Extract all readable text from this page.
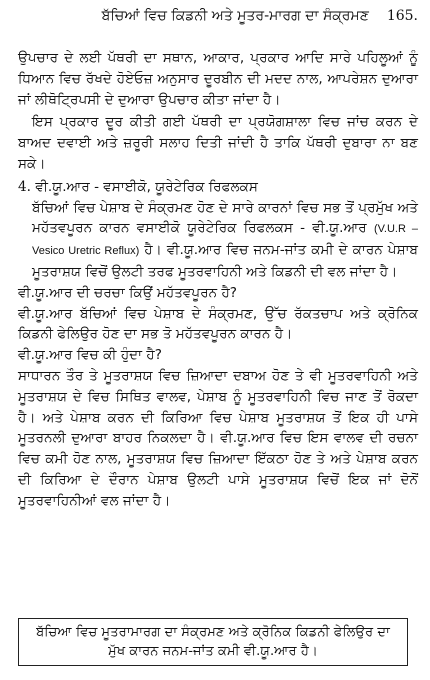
ਬੱਚਿਆਂ ਵਿਚ ਕਿਡਨੀ ਅਤੇ ਮੂਤਰ-ਮਾਰਗ ਦਾ ਸੰਕ੍ਰਮਣ 165.

ਉਪਚਾਰ ਦੇ ਲਈ ਪੱਥਰੀ ਦਾ ਸਥਾਨ, ਆਕਾਰ, ਪ੍ਰਕਾਰ ਆਦਿ ਸਾਰੇ ਪਹਿਲੂਆਂ ਨੂੰ ਧਿਆਨ ਵਿਚ ਰੱਖਦੇ ਹੋਏਓਜ਼ ਅਨੁਸਾਰ ਦੂਰਬੀਨ ਦੀ ਮਦਦ ਨਾਲ, ਆਪਰੇਸ਼ਨ ਦੁਆਰਾ ਜਾਂ ਲੀਥੋਟ੍ਰਿਪਸੀ ਦੇ ਦੁਆਰਾ ਉਪਚਾਰ ਕੀਤਾ ਜਾਂਦਾ ਹੈ।

ਇਸ ਪ੍ਰਕਾਰ ਦੂਰ ਕੀਤੀ ਗਈ ਪੱਥਰੀ ਦਾ ਪ੍ਰਯੋਗਸ਼ਾਲਾ ਵਿਚ ਜਾਂਚ ਕਰਨ ਦੇ ਬਾਅਦ ਦਵਾਈ ਅਤੇ ਜ਼ਰੂਰੀ ਸਲਾਹ ਦਿਤੀ ਜਾਂਦੀ ਹੈ ਤਾਕਿ ਪੱਥਰੀ ਦੁਬਾਰਾ ਨਾ ਬਣ ਸਕੇ।

4. ਵੀ.ਯੂ.ਆਰ - ਵਸਾਈਕੋ, ਯੂਰੇਟੇਰਿਕ ਰਿਫਲਕਸ

ਬੱਚਿਆਂ ਵਿਚ ਪੇਸ਼ਾਬ ਦੇ ਸੰਕ੍ਰਮਣ ਹੋਣ ਦੇ ਸਾਰੇ ਕਾਰਨਾਂ ਵਿਚ ਸਭ ਤੋਂ ਪ੍ਰਮੁੱਖ ਅਤੇ ਮਹੱਤਵਪੂਰਨ ਕਾਰਨ ਵਸਾਈਕੋ ਯੂਰੇਟੇਰਿਕ ਰਿਫਲਕਸ - ਵੀ.ਯੂ.ਆਰ (V.U.R – Vesico Uretric Reflux) ਹੈ। ਵੀ.ਯੂ.ਆਰ ਵਿਚ ਜਨਮ-ਜਾਂਤ ਕਮੀ ਦੇ ਕਾਰਨ ਪੇਸ਼ਾਬ ਮੂਤਰਾਸ਼ਯ ਵਿਚੋਂ ਉਲਟੀ ਤਰਫ ਮੂਤਰਵਾਹਿਨੀ ਅਤੇ ਕਿਡਨੀ ਦੀ ਵਲ ਜਾਂਦਾ ਹੈ।

ਵੀ.ਯੂ.ਆਰ ਦੀ ਚਰਚਾ ਕਿਉਂ ਮਹੱਤਵਪੂਰਨ ਹੈ?

ਵੀ.ਯੂ.ਆਰ ਬੱਚਿਆਂ ਵਿਚ ਪੇਸ਼ਾਬ ਦੇ ਸੰਕ੍ਰਮਣ, ਉੱਚ ਰੱਕਤਚਾਪ ਅਤੇ ਕ੍ਰੋਨਿਕ ਕਿਡਨੀ ਫੇਲਿਉਰ ਹੋਣ ਦਾ ਸਭ ਤੋ ਮਹੱਤਵਪੂਰਨ ਕਾਰਨ ਹੈ।

ਵੀ.ਯੂ.ਆਰ ਵਿਚ ਕੀ ਹੁੰਦਾ ਹੈ?

ਸਾਧਾਰਨ ਤੌਰ ਤੇ ਮੂਤਰਾਸ਼ਯ ਵਿਚ ਜ਼ਿਆਦਾ ਦਬਾਅ ਹੋਣ ਤੇ ਵੀ ਮੂਤਰਵਾਹਿਨੀ ਅਤੇ ਮੂਤਰਾਸ਼ਯ ਦੇ ਵਿਚ ਸਿਥਿਤ ਵਾਲਵ, ਪੇਸ਼ਾਬ ਨੂੰ ਮੂਤਰਵਾਹਿਨੀ ਵਿਚ ਜਾਣ ਤੋਂ ਰੋਕਦਾ ਹੈ। ਅਤੇ ਪੇਸ਼ਾਬ ਕਰਨ ਦੀ ਕਿਰਿਆ ਵਿਚ ਪੇਸ਼ਾਬ ਮੂਤਰਾਸ਼ਯ ਤੋਂ ਇਕ ਹੀ ਪਾਸੇ ਮੂਤਰਨਲੀ ਦੁਆਰਾ ਬਾਹਰ ਨਿਕਲਦਾ ਹੈ। ਵੀ.ਯੂ.ਆਰ ਵਿਚ ਇਸ ਵਾਲਵ ਦੀ ਰਚਨਾ ਵਿਚ ਕਮੀ ਹੋਣ ਨਾਲ, ਮੂਤਰਾਸ਼ਯ ਵਿਚ ਜ਼ਿਆਦਾ ਇੱਕਠਾ ਹੋਣ ਤੇ ਅਤੇ ਪੇਸ਼ਾਬ ਕਰਨ ਦੀ ਕਿਰਿਆ ਦੇ ਦੌਰਾਨ ਪੇਸ਼ਾਬ ਉਲਟੀ ਪਾਸੇ ਮੂਤਰਾਸ਼ਯ ਵਿਚੋਂ ਇਕ ਜਾਂ ਦੋਨੋਂ ਮੂਤਰਵਾਹਿਨੀਆਂ ਵਲ ਜਾਂਦਾ ਹੈ।

ਬੱਚਿਆ ਵਿਚ ਮੂਤਰਾਮਾਰਗ ਦਾ ਸੰਕ੍ਰਮਣ ਅਤੇ ਕ੍ਰੋਨਿਕ ਕਿਡਨੀ ਫੇਲਿਉਰ ਦਾ ਮੁੱਖ ਕਾਰਨ ਜਨਮ-ਜਾਂਤ ਕਮੀ ਵੀ.ਯੂ.ਆਰ ਹੈ।
